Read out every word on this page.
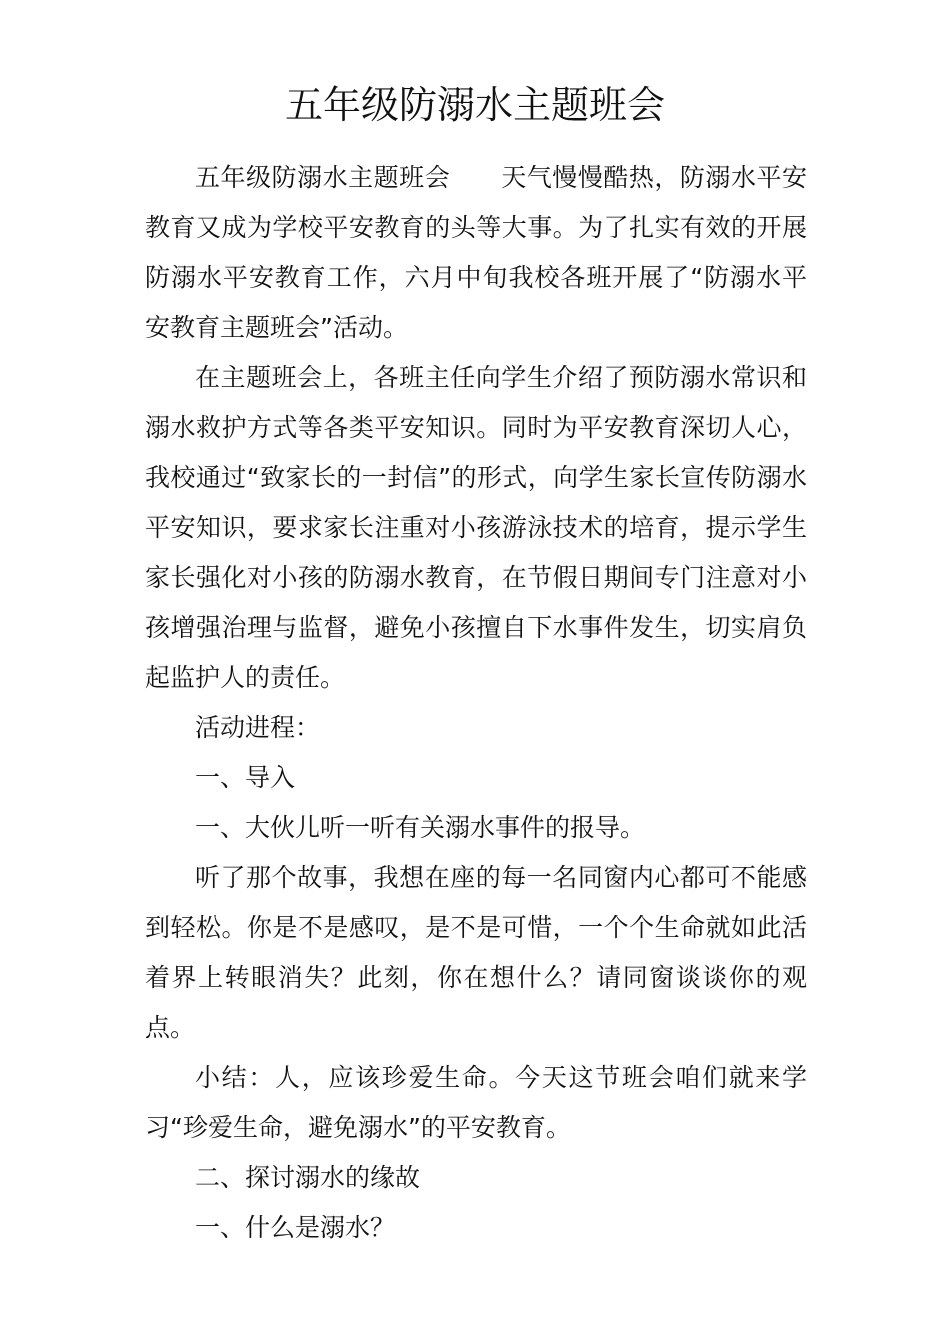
五年级防溺水主题班会

五年级防溺水主题班会　　天气慢慢酷热，防溺水平安教育又成为学校平安教育的头等大事。为了扎实有效的开展防溺水平安教育工作，六月中旬我校各班开展了“防溺水平安教育主题班会”活动。

在主题班会上，各班主任向学生介绍了预防溺水常识和溺水救护方式等各类平安知识。同时为平安教育深切人心，我校通过“致家长的一封信”的形式，向学生家长宣传防溺水平安知识，要求家长注重对小孩游泳技术的培育，提示学生家长强化对小孩的防溺水教育，在节假日期间专门注意对小孩增强治理与监督，避免小孩擅自下水事件发生，切实肩负起监护人的责任。

活动进程：

一、导入

一、大伙儿听一听有关溺水事件的报导。

听了那个故事，我想在座的每一名同窗内心都可不能感到轻松。你是不是感叹，是不是可惜，一个个生命就如此活着界上转眼消失？此刻，你在想什么？请同窗谈谈你的观点。

小结：人，应该珍爱生命。今天这节班会咱们就来学习“珍爱生命，避免溺水”的平安教育。

二、探讨溺水的缘故

一、什么是溺水？
